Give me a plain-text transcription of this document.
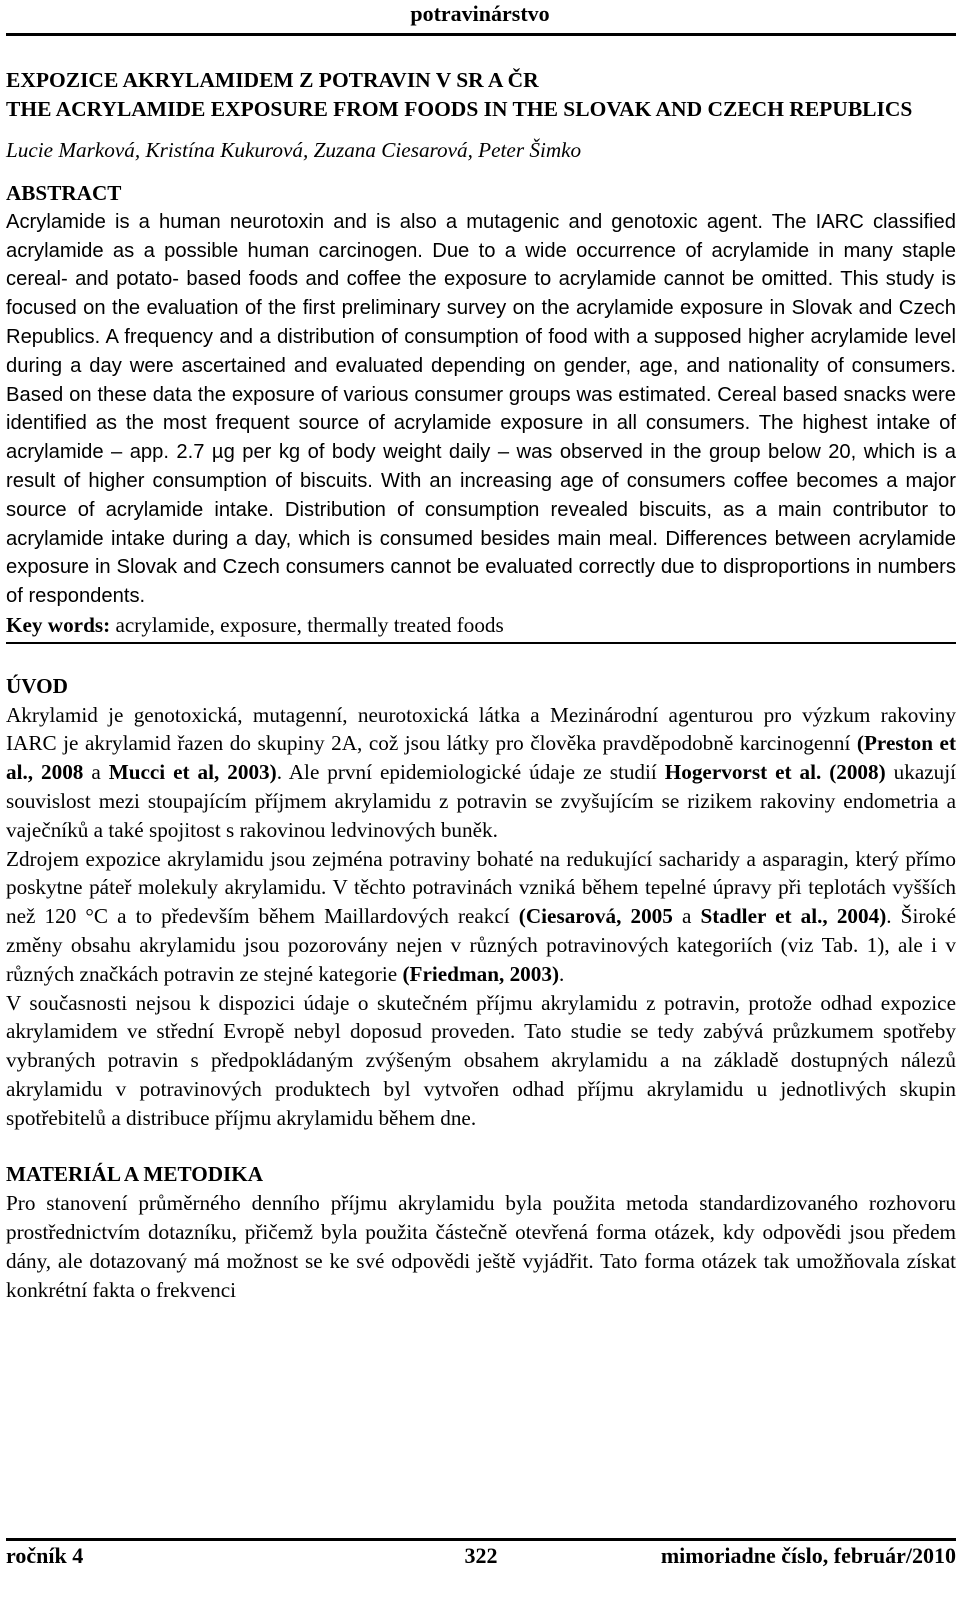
potravinárstvo
EXPOZICE AKRYLAMIDEM Z POTRAVIN V SR A ČR
THE ACRYLAMIDE EXPOSURE FROM FOODS IN THE SLOVAK AND CZECH REPUBLICS
Lucie Marková, Kristína Kukurová, Zuzana Ciesarová, Peter Šimko
ABSTRACT
Acrylamide is a human neurotoxin and is also a mutagenic and genotoxic agent. The IARC classified acrylamide as a possible human carcinogen. Due to a wide occurrence of acrylamide in many staple cereal- and potato- based foods and coffee the exposure to acrylamide cannot be omitted. This study is focused on the evaluation of the first preliminary survey on the acrylamide exposure in Slovak and Czech Republics. A frequency and a distribution of consumption of food with a supposed higher acrylamide level during a day were ascertained and evaluated depending on gender, age, and nationality of consumers. Based on these data the exposure of various consumer groups was estimated. Cereal based snacks were identified as the most frequent source of acrylamide exposure in all consumers. The highest intake of acrylamide – app. 2.7 µg per kg of body weight daily – was observed in the group below 20, which is a result of higher consumption of biscuits. With an increasing age of consumers coffee becomes a major source of acrylamide intake. Distribution of consumption revealed biscuits, as a main contributor to acrylamide intake during a day, which is consumed besides main meal. Differences between acrylamide exposure in Slovak and Czech consumers cannot be evaluated correctly due to disproportions in numbers of respondents.
Key words: acrylamide, exposure, thermally treated foods
ÚVOD
Akrylamid je genotoxická, mutagenní, neurotoxická látka a Mezinárodní agenturou pro výzkum rakoviny IARC je akrylamid řazen do skupiny 2A, což jsou látky pro člověka pravděpodobně karcinogenní (Preston et al., 2008 a Mucci et al, 2003). Ale první epidemiologické údaje ze studií Hogervorst et al. (2008) ukazují souvislost mezi stoupajícím příjmem akrylamidu z potravin se zvyšujícím se rizikem rakoviny endometria a vaječníků a také spojitost s rakovinou ledvinových buněk.
Zdrojem expozice akrylamidu jsou zejména potraviny bohaté na redukující sacharidy a asparagin, který přímo poskytne páteř molekuly akrylamidu. V těchto potravinách vzniká během tepelné úpravy při teplotách vyšších než 120 °C a to především během Maillardových reakcí (Ciesarová, 2005 a Stadler et al., 2004). Široké změny obsahu akrylamidu jsou pozorovány nejen v různých potravinových kategoriích (viz Tab. 1), ale i v různých značkách potravin ze stejné kategorie (Friedman, 2003).
V současnosti nejsou k dispozici údaje o skutečném příjmu akrylamidu z potravin, protože odhad expozice akrylamidem ve střední Evropě nebyl doposud proveden. Tato studie se tedy zabývá průzkumem spotřeby vybraných potravin s předpokládaným zvýšeným obsahem akrylamidu a na základě dostupných nálezů akrylamidu v potravinových produktech byl vytvořen odhad příjmu akrylamidu u jednotlivých skupin spotřebitelů a distribuce příjmu akrylamidu během dne.
MATERIÁL A METODIKA
Pro stanovení průměrného denního příjmu akrylamidu byla použita metoda standardizovaného rozhovoru prostřednictvím dotazníku, přičemž byla použita částečně otevřená forma otázek, kdy odpovědi jsou předem dány, ale dotazovaný má možnost se ke své odpovědi ještě vyjádřit. Tato forma otázek tak umožňovala získat konkrétní fakta o frekvenci
ročník 4	322	mimoriadne číslo, február/2010
